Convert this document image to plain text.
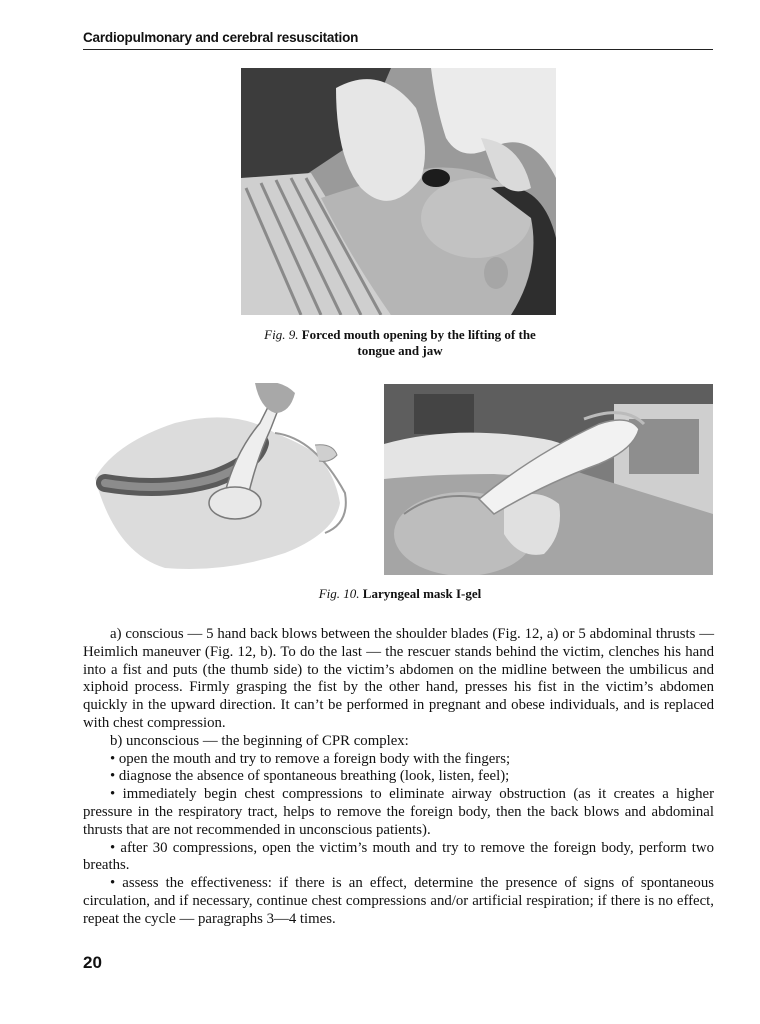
Cardiopulmonary and cerebral resuscitation
Fig. 9. Forced mouth opening by the lifting of the
tongue and jaw
Fig. 10. Laryngeal mask I-gel

a) conscious — 5 hand back blows between the shoulder blades (Fig. 12, a) or 5 abdominal thrusts — Heimlich maneuver (Fig. 12, b). To do the last — the rescuer stands behind the victim, clenches his hand into a fist and puts (the thumb side) to the victim’s abdomen on the midline between the umbilicus and xiphoid process. Firmly grasping the fist by the other hand, presses his fist in the victim’s abdomen quickly in the upward direction. It can’t be performed in pregnant and obese individuals, and is replaced with chest compression.

b) unconscious — the beginning of CPR complex:

• open the mouth and try to remove a foreign body with the fingers;

• diagnose the absence of spontaneous breathing (look, listen, feel);

• immediately begin chest compressions to eliminate airway obstruction (as it creates a higher pressure in the respiratory tract, helps to remove the foreign body, then the back blows and abdominal thrusts that are not recommended in unconscious patients).

• after 30 compressions, open the victim’s mouth and try to remove the foreign body, perform two breaths.

• assess the effectiveness: if there is an effect, determine the presence of signs of spontaneous circulation, and if necessary, continue chest compressions and/or artificial respiration; if there is no effect, repeat the cycle — paragraphs 3—4 times.

20
